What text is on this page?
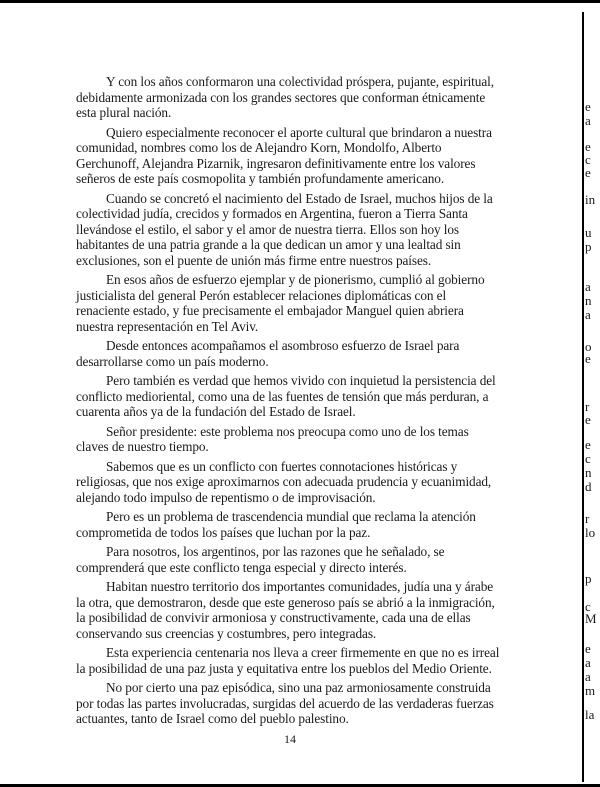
Y con los años conformaron una colectividad próspera, pujante, espiritual, debidamente armonizada con los grandes sectores que conforman étnicamente esta plural nación.

Quiero especialmente reconocer el aporte cultural que brindaron a nuestra comunidad, nombres como los de Alejandro Korn, Mondolfo, Alberto Gerchunoff, Alejandra Pizarnik, ingresaron definitivamente entre los valores señeros de este país cosmopolita y también profundamente americano.

Cuando se concretó el nacimiento del Estado de Israel, muchos hijos de la colectividad judía, crecidos y formados en Argentina, fueron a Tierra Santa llevándose el estilo, el sabor y el amor de nuestra tierra. Ellos son hoy los habitantes de una patria grande a la que dedican un amor y una lealtad sin exclusiones, son el puente de unión más firme entre nuestros países.

En esos años de esfuerzo ejemplar y de pionerismo, cumplió al gobierno justicialista del general Perón establecer relaciones diplomáticas con el renaciente estado, y fue precisamente el embajador Manguel quien abriera nuestra representación en Tel Aviv.

Desde entonces acompañamos el asombroso esfuerzo de Israel para desarrollarse como un país moderno.

Pero también es verdad que hemos vivido con inquietud la persistencia del conflicto medioriental, como una de las fuentes de tensión que más perduran, a cuarenta años ya de la fundación del Estado de Israel.

Señor presidente: este problema nos preocupa como uno de los temas claves de nuestro tiempo.

Sabemos que es un conflicto con fuertes connotaciones históricas y religiosas, que nos exige aproximarnos con adecuada prudencia y ecuanimidad, alejando todo impulso de repentismo o de improvisación.

Pero es un problema de trascendencia mundial que reclama la atención comprometida de todos los países que luchan por la paz.

Para nosotros, los argentinos, por las razones que he señalado, se comprenderá que este conflicto tenga especial y directo interés.

Habitan nuestro territorio dos importantes comunidades, judía una y árabe la otra, que demostraron, desde que este generoso país se abrió a la inmigración, la posibilidad de convivir armoniosa y constructivamente, cada una de ellas conservando sus creencias y costumbres, pero integradas.

Esta experiencia centenaria nos lleva a creer firmemente en que no es irreal la posibilidad de una paz justa y equitativa entre los pueblos del Medio Oriente.

No por cierto una paz episódica, sino una paz armoniosamente construida por todas las partes involucradas, surgidas del acuerdo de las verdaderas fuerzas actuantes, tanto de Israel como del pueblo palestino.

14
e
a
e
c
e
in
u
p
a
n
a
o
e
r
e
e
c
n
d
r
lo
p
c
M
e
a
a
m
la
